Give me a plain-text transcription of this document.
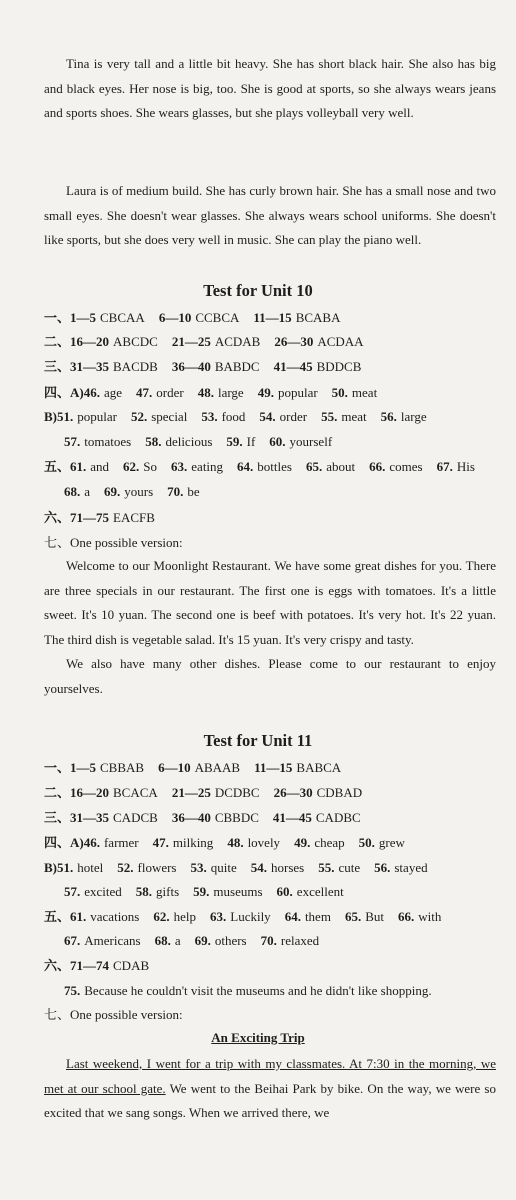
Tina is very tall and a little bit heavy. She has short black hair. She also has big and black eyes. Her nose is big, too. She is good at sports, so she always wears jeans and sports shoes. She wears glasses, but she plays volleyball very well.

Laura is of medium build. She has curly brown hair. She has a small nose and two small eyes. She doesn't wear glasses. She always wears school uniforms. She doesn't like sports, but she does very well in music. She can play the piano well.

Test for Unit 10
一、1—5 CBCAA 6—10 CCBCA 11—15 BCABA
二、16—20 ABCDC 21—25 ACDAB 26—30 ACDAA
三、31—35 BACDB 36—40 BABDC 41—45 BDDCB
四、A)46. age 47. order 48. large 49. popular 50. meat
B)51. popular 52. special 53. food 54. order 55. meat 56. large
57. tomatoes 58. delicious 59. If 60. yourself
五、61. and 62. So 63. eating 64. bottles 65. about 66. comes 67. His
68. a 69. yours 70. be
六、71—75 EACFB
七、One possible version:
Welcome to our Moonlight Restaurant. We have some great dishes for you. There are three specials in our restaurant. The first one is eggs with tomatoes. It's a little sweet. It's 10 yuan. The second one is beef with potatoes. It's very hot. It's 22 yuan. The third dish is vegetable salad. It's 15 yuan. It's very crispy and tasty.
We also have many other dishes. Please come to our restaurant to enjoy yourselves.
Test for Unit 11
一、1—5 CBBAB 6—10 ABAAB 11—15 BABCA
二、16—20 BCACA 21—25 DCDBC 26—30 CDBAD
三、31—35 CADCB 36—40 CBBDC 41—45 CADBC
四、A)46. farmer 47. milking 48. lovely 49. cheap 50. grew
B)51. hotel 52. flowers 53. quite 54. horses 55. cute 56. stayed
57. excited 58. gifts 59. museums 60. excellent
五、61. vacations 62. help 63. Luckily 64. them 65. But 66. with
67. Americans 68. a 69. others 70. relaxed
六、71—74 CDAB
75. Because he couldn't visit the museums and he didn't like shopping.
七、One possible version:
An Exciting Trip

Last weekend, I went for a trip with my classmates. At 7:30 in the morning, we met at our school gate. We went to the Beihai Park by bike. On the way, we were so excited that we sang songs. When we arrived there, we
